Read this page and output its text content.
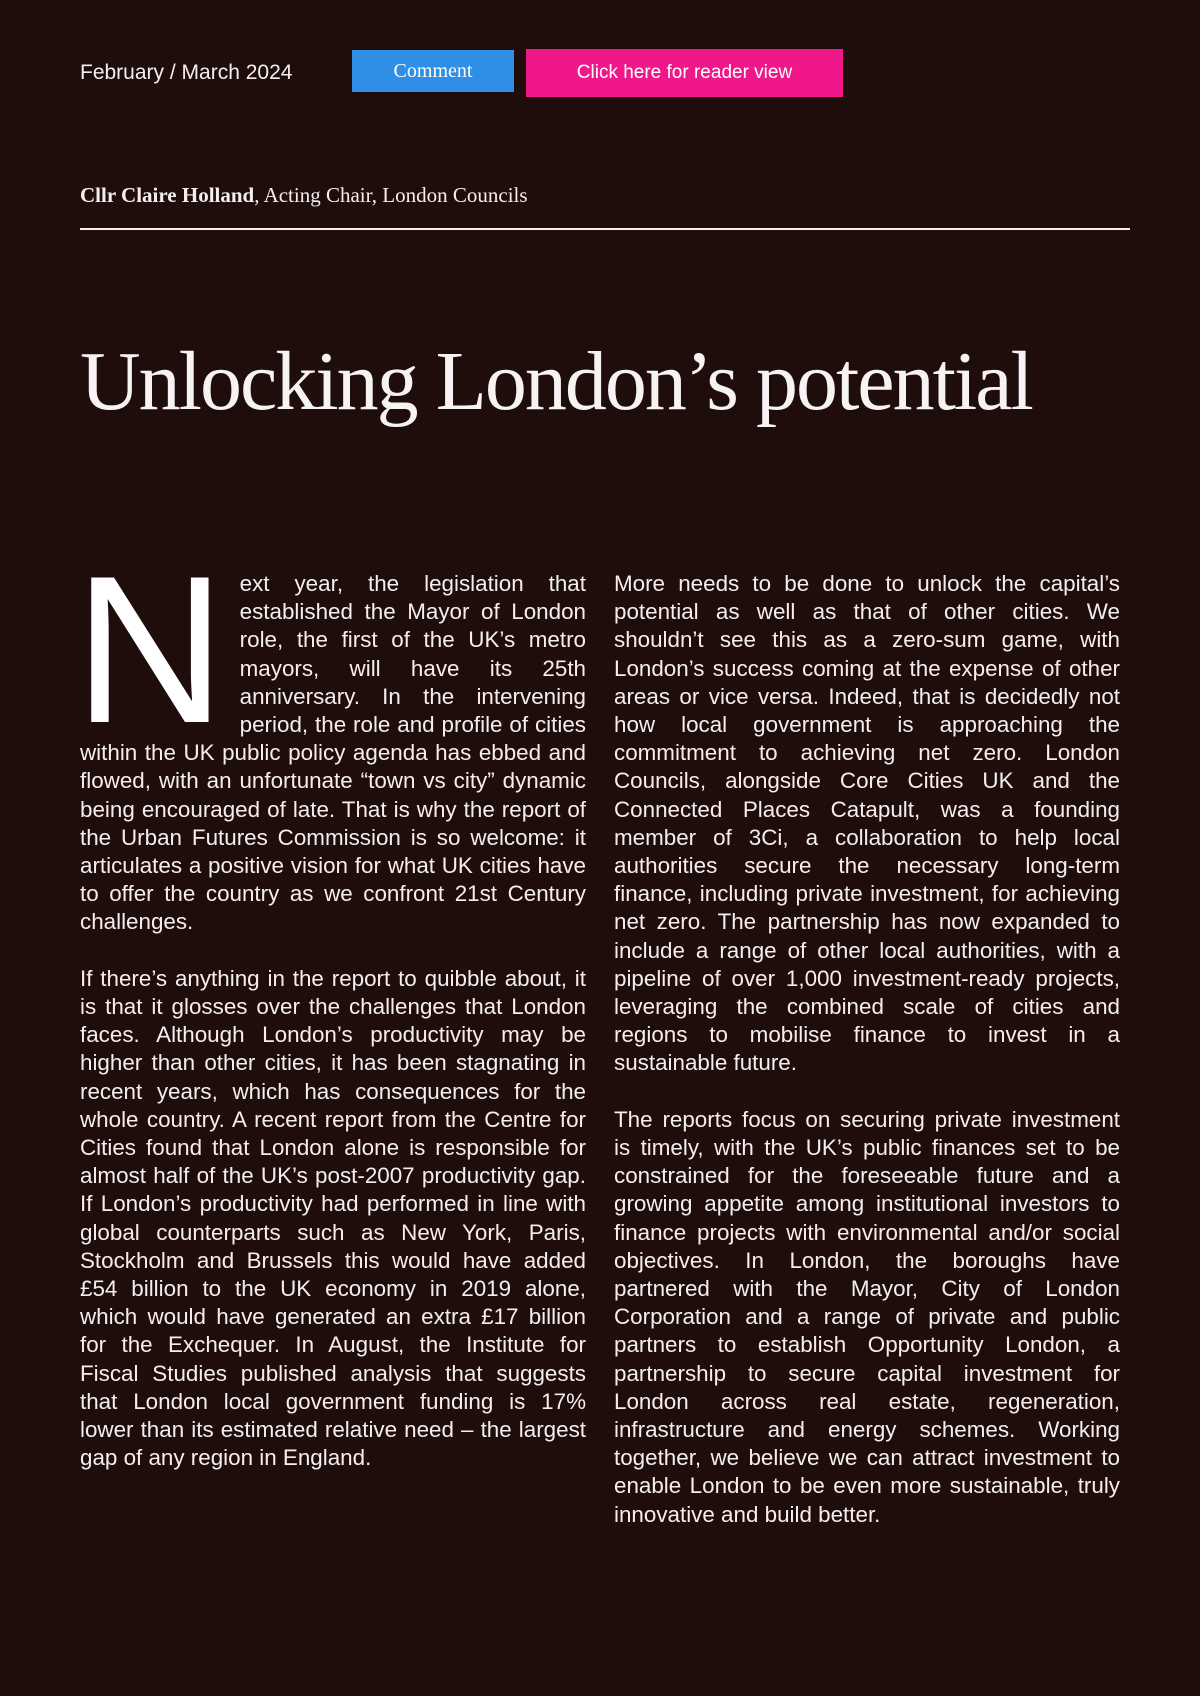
February / March 2024	Comment	Click here for reader view
Cllr Claire Holland, Acting Chair, London Councils
Unlocking London’s potential

Next year, the legislation that established the Mayor of London role, the first of the UK’s metro mayors, will have its 25th anniversary. In the intervening period, the role and profile of cities within the UK public policy agenda has ebbed and flowed, with an unfortunate “town vs city” dynamic being encouraged of late. That is why the report of the Urban Futures Commission is so welcome: it articulates a positive vision for what UK cities have to offer the country as we confront 21st Century challenges.

If there’s anything in the report to quibble about, it is that it glosses over the challenges that London faces. Although London’s productivity may be higher than other cities, it has been stagnating in recent years, which has consequences for the whole country. A recent report from the Centre for Cities found that London alone is responsible for almost half of the UK’s post-2007 productivity gap. If London’s productivity had performed in line with global counterparts such as New York, Paris, Stockholm and Brussels this would have added £54 billion to the UK economy in 2019 alone, which would have generated an extra £17 billion for the Exchequer. In August, the Institute for Fiscal Studies published analysis that suggests that London local government funding is 17% lower than its estimated relative need – the largest gap of any region in England.

More needs to be done to unlock the capital’s potential as well as that of other cities. We shouldn’t see this as a zero-sum game, with London’s success coming at the expense of other areas or vice versa. Indeed, that is decidedly not how local government is approaching the commitment to achieving net zero. London Councils, alongside Core Cities UK and the Connected Places Catapult, was a founding member of 3Ci, a collaboration to help local authorities secure the necessary long-term finance, including private investment, for achieving net zero. The partnership has now expanded to include a range of other local authorities, with a pipeline of over 1,000 investment-ready projects, leveraging the combined scale of cities and regions to mobilise finance to invest in a sustainable future.

The reports focus on securing private investment is timely, with the UK’s public finances set to be constrained for the foreseeable future and a growing appetite among institutional investors to finance projects with environmental and/or social objectives. In London, the boroughs have partnered with the Mayor, City of London Corporation and a range of private and public partners to establish Opportunity London, a partnership to secure capital investment for London across real estate, regeneration, infrastructure and energy schemes. Working together, we believe we can attract investment to enable London to be even more sustainable, truly innovative and build better.
